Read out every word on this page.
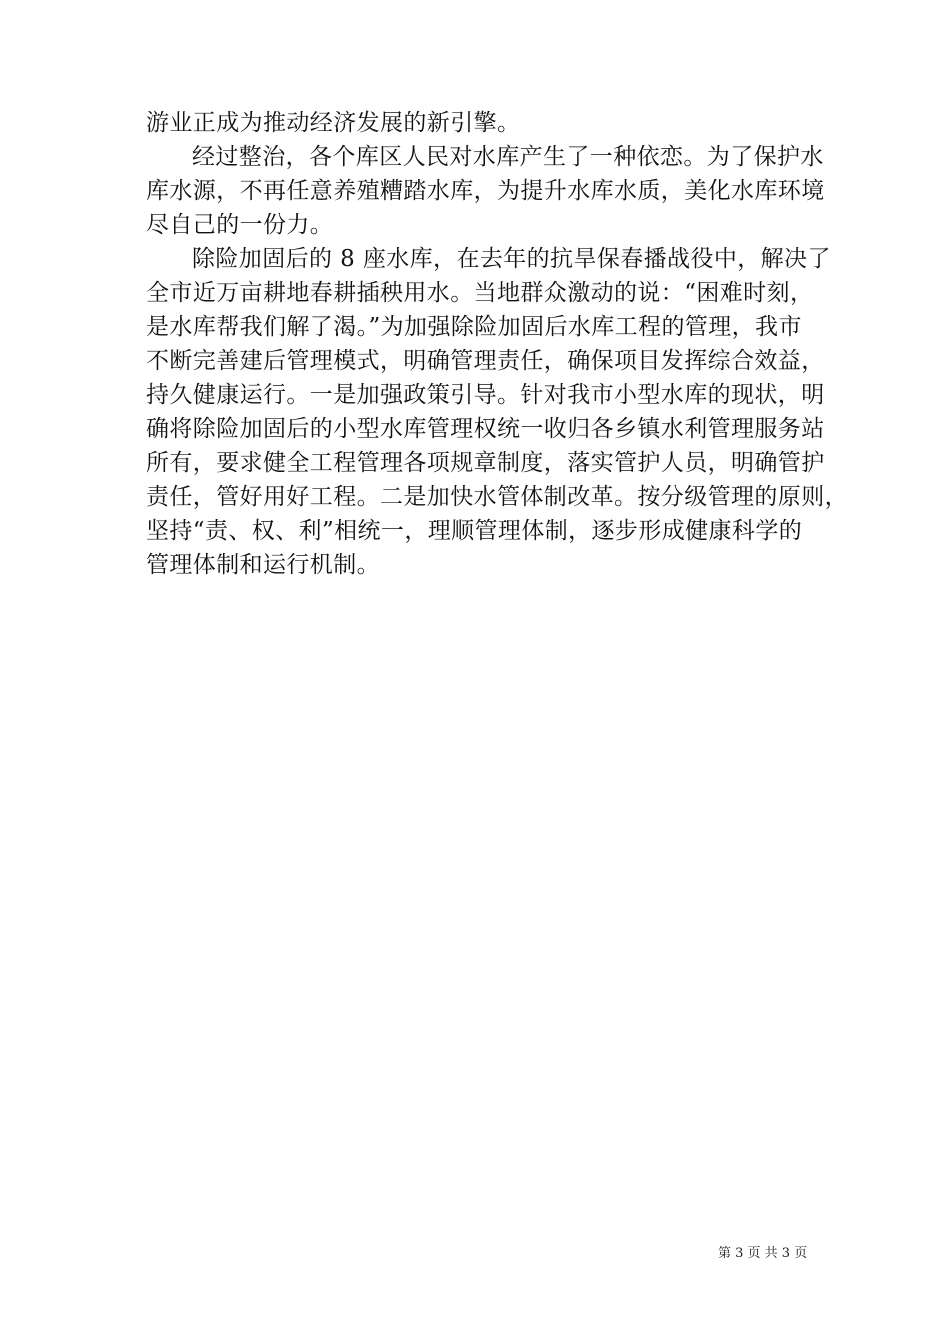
游业正成为推动经济发展的新引擎。
经过整治，各个库区人民对水库产生了一种依恋。为了保护水
库水源，不再任意养殖糟踏水库，为提升水库水质，美化水库环境
尽自己的一份力。
除险加固后的 8 座水库，在去年的抗旱保春播战役中，解决了
全市近万亩耕地春耕插秧用水。当地群众激动的说：“困难时刻，
是水库帮我们解了渴。”为加强除险加固后水库工程的管理，我市
不断完善建后管理模式，明确管理责任，确保项目发挥综合效益，
持久健康运行。一是加强政策引导。针对我市小型水库的现状，明
确将除险加固后的小型水库管理权统一收归各乡镇水利管理服务站
所有，要求健全工程管理各项规章制度，落实管护人员，明确管护
责任，管好用好工程。二是加快水管体制改革。按分级管理的原则，
坚持“责、权、利”相统一，理顺管理体制，逐步形成健康科学的
管理体制和运行机制。
第 3 页 共 3 页
